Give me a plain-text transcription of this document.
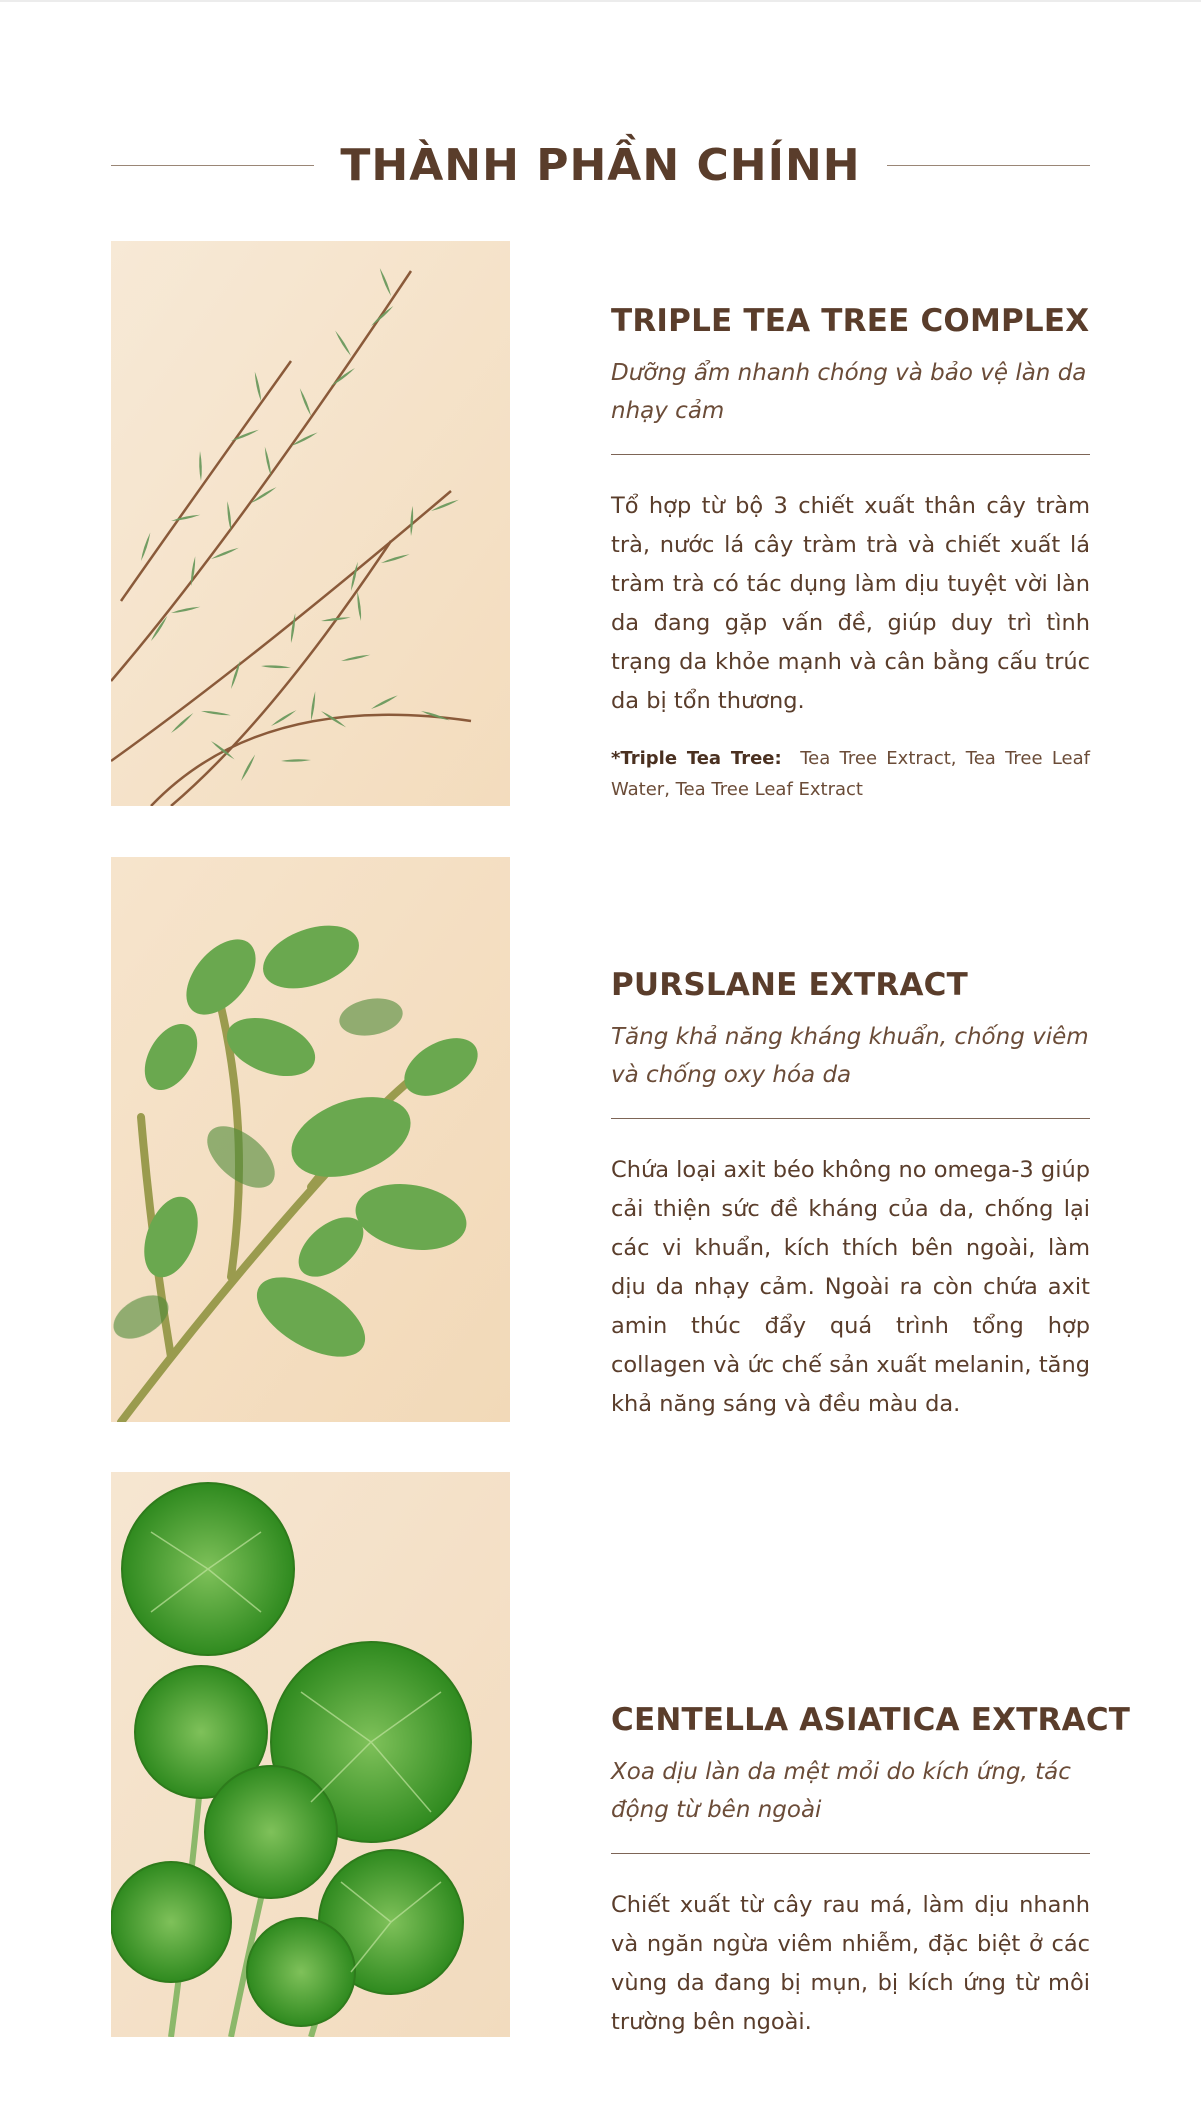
THÀNH PHẦN CHÍNH
TRIPLE TEA TREE COMPLEX
Dưỡng ẩm nhanh chóng và bảo vệ làn da nhạy cảm
Tổ hợp từ bộ 3 chiết xuất thân cây tràm trà, nước lá cây tràm trà và chiết xuất lá tràm trà có tác dụng làm dịu tuyệt vời làn da đang gặp vấn đề, giúp duy trì tình trạng da khỏe mạnh và cân bằng cấu trúc da bị tổn thương.
*Triple Tea Tree: Tea Tree Extract, Tea Tree Leaf Water, Tea Tree Leaf Extract
PURSLANE EXTRACT
Tăng khả năng kháng khuẩn, chống viêm và chống oxy hóa da
Chứa loại axit béo không no omega-3 giúp cải thiện sức đề kháng của da, chống lại các vi khuẩn, kích thích bên ngoài, làm dịu da nhạy cảm. Ngoài ra còn chứa axit amin thúc đẩy quá trình tổng hợp collagen và ức chế sản xuất melanin, tăng khả năng sáng và đều màu da.
CENTELLA ASIATICA EXTRACT
Xoa dịu làn da mệt mỏi do kích ứng, tác động từ bên ngoài
Chiết xuất từ cây rau má, làm dịu nhanh và ngăn ngừa viêm nhiễm, đặc biệt ở các vùng da đang bị mụn, bị kích ứng từ môi trường bên ngoài.
